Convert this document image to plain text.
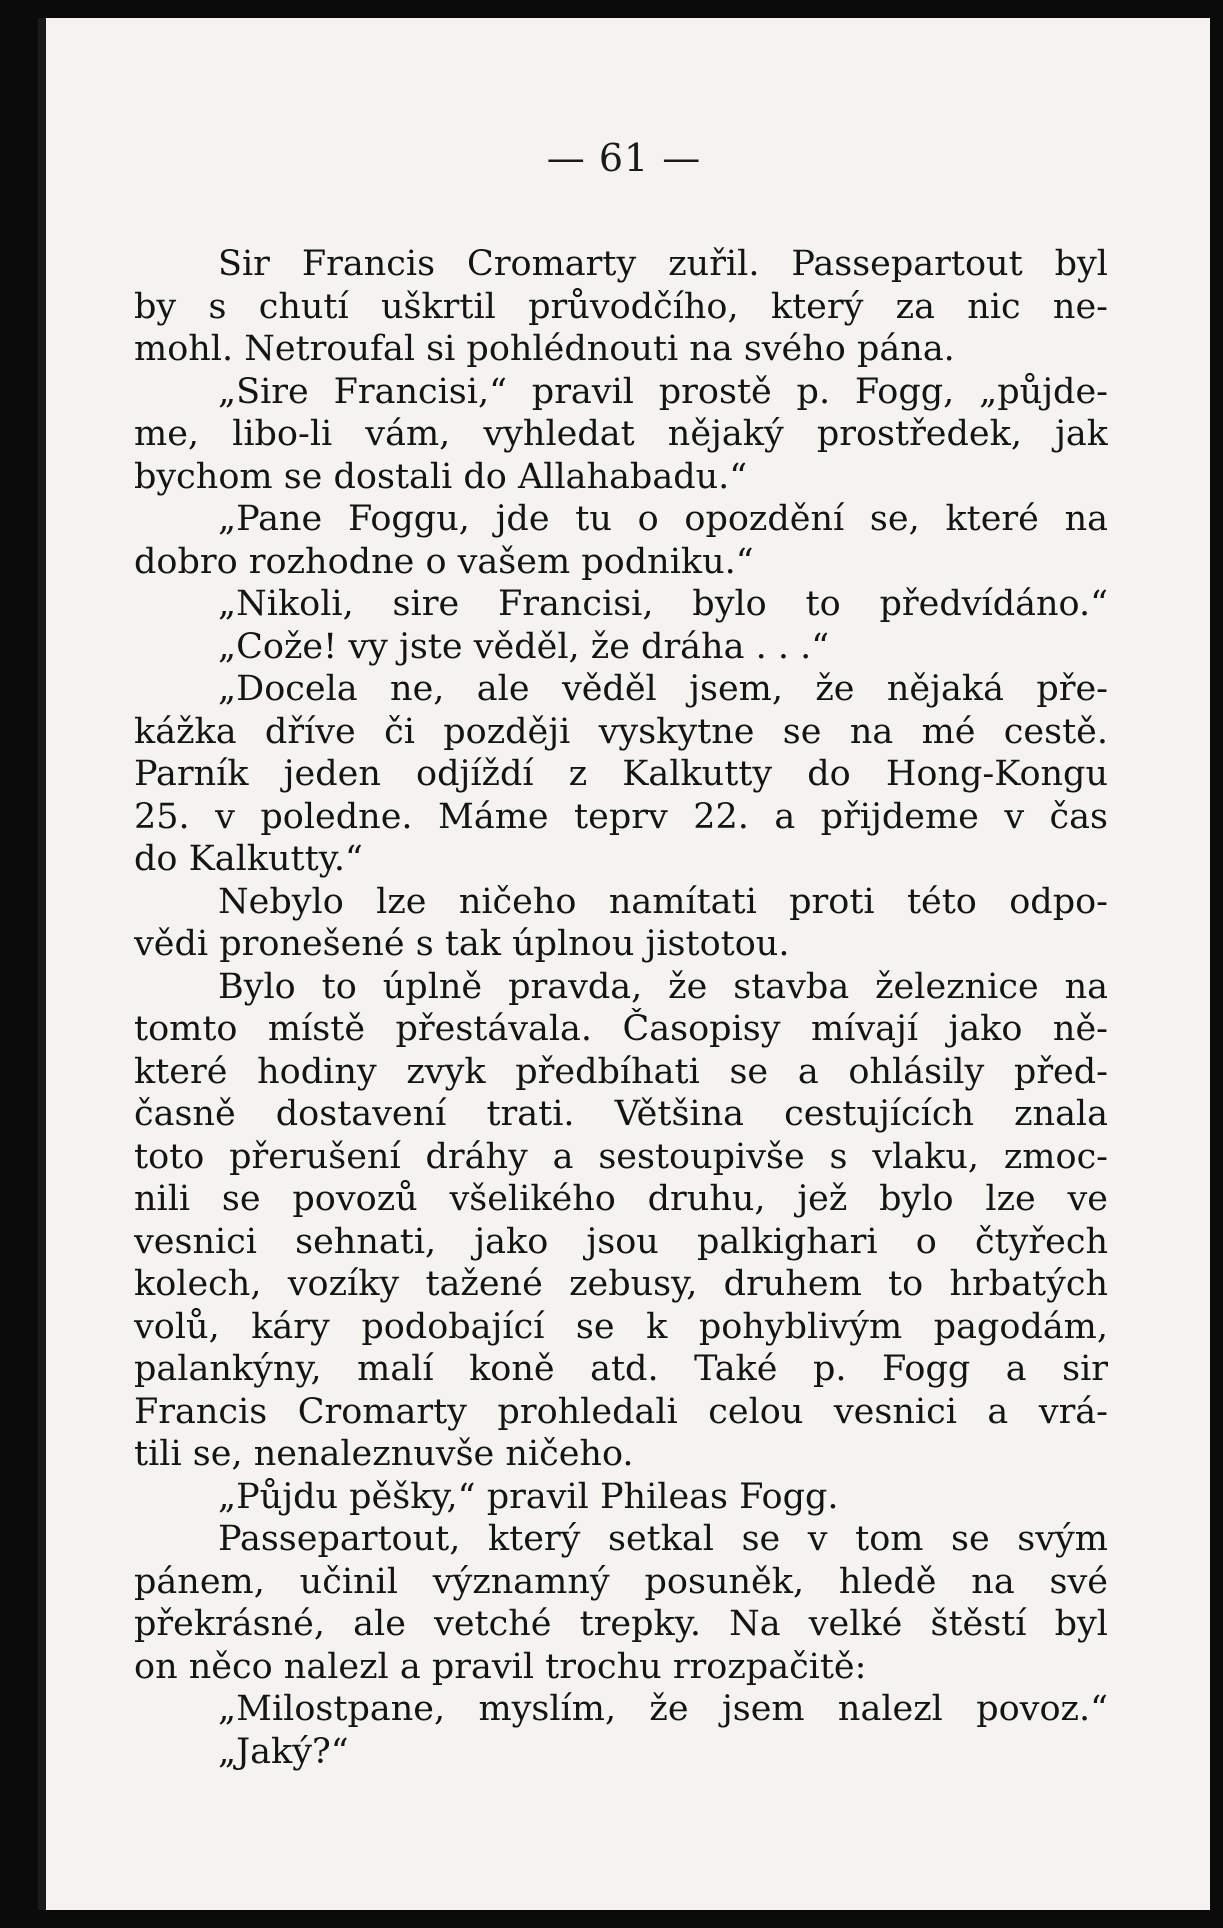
— 61 —
Sir Francis Cromarty zuřil. Passepartout byl
by s chutí uškrtil průvodčího, který za nic ne-
mohl. Netroufal si pohlédnouti na svého pána.
„Sire Francisi,“ pravil prostě p. Fogg, „půjde-
me, libo-li vám, vyhledat nějaký prostředek, jak
bychom se dostali do Allahabadu.“
„Pane Foggu, jde tu o opozdění se, které na
dobro rozhodne o vašem podniku.“
„Nikoli, sire Francisi, bylo to předvídáno.“
„Cože! vy jste věděl, že dráha . . .“
„Docela ne, ale věděl jsem, že nějaká pře-
kážka dříve či později vyskytne se na mé cestě.
Parník jeden odjíždí z Kalkutty do Hong-Kongu
25. v poledne. Máme teprv 22. a přijdeme v čas
do Kalkutty.“
Nebylo lze ničeho namítati proti této odpo-
vědi pronešené s tak úplnou jistotou.
Bylo to úplně pravda, že stavba železnice na
tomto místě přestávala. Časopisy mívají jako ně-
které hodiny zvyk předbíhati se a ohlásily před-
časně dostavení trati. Většina cestujících znala
toto přerušení dráhy a sestoupivše s vlaku, zmoc-
nili se povozů všelikého druhu, jež bylo lze ve
vesnici sehnati, jako jsou palkighari o čtyřech
kolech, vozíky tažené zebusy, druhem to hrbatých
volů, káry podobající se k pohyblivým pagodám,
palankýny, malí koně atd. Také p. Fogg a sir
Francis Cromarty prohledali celou vesnici a vrá-
tili se, nenaleznuvše ničeho.
„Půjdu pěšky,“ pravil Phileas Fogg.
Passepartout, který setkal se v tom se svým
pánem, učinil významný posuněk, hledě na své
překrásné, ale vetché trepky. Na velké štěstí byl
on něco nalezl a pravil trochu rrozpačitě:
„Milostpane, myslím, že jsem nalezl povoz.“
„Jaký?“
